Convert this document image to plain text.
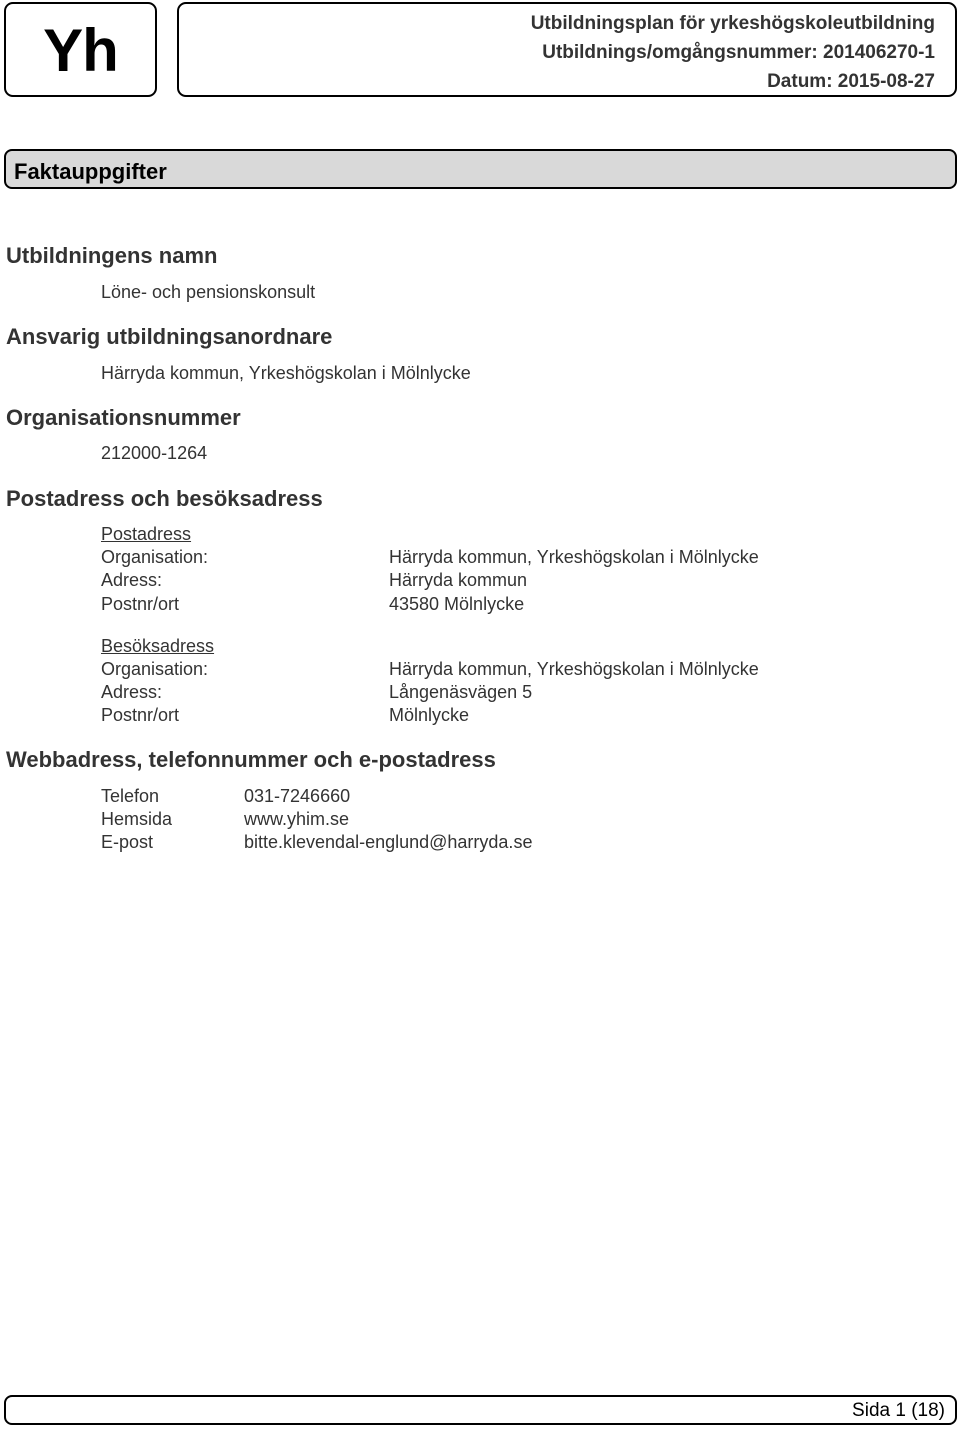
Yh	Utbildningsplan för yrkeshögskoleutbildning
Utbildnings/omgångsnummer: 201406270-1
Datum: 2015-08-27
Faktauppgifter
Utbildningens namn
Löne- och pensionskonsult
Ansvarig utbildningsanordnare
Härryda kommun, Yrkeshögskolan i Mölnlycke
Organisationsnummer
212000-1264
Postadress och besöksadress
Postadress
Organisation:	Härryda kommun, Yrkeshögskolan i Mölnlycke
Adress:	Härryda kommun
Postnr/ort	43580 Mölnlycke
Besöksadress
Organisation:	Härryda kommun, Yrkeshögskolan i Mölnlycke
Adress:	Långenäsvägen 5
Postnr/ort	Mölnlycke
Webbadress, telefonnummer och e-postadress
Telefon	031-7246660
Hemsida	www.yhim.se
E-post	bitte.klevendal-englund@harryda.se
Sida 1 (18)
